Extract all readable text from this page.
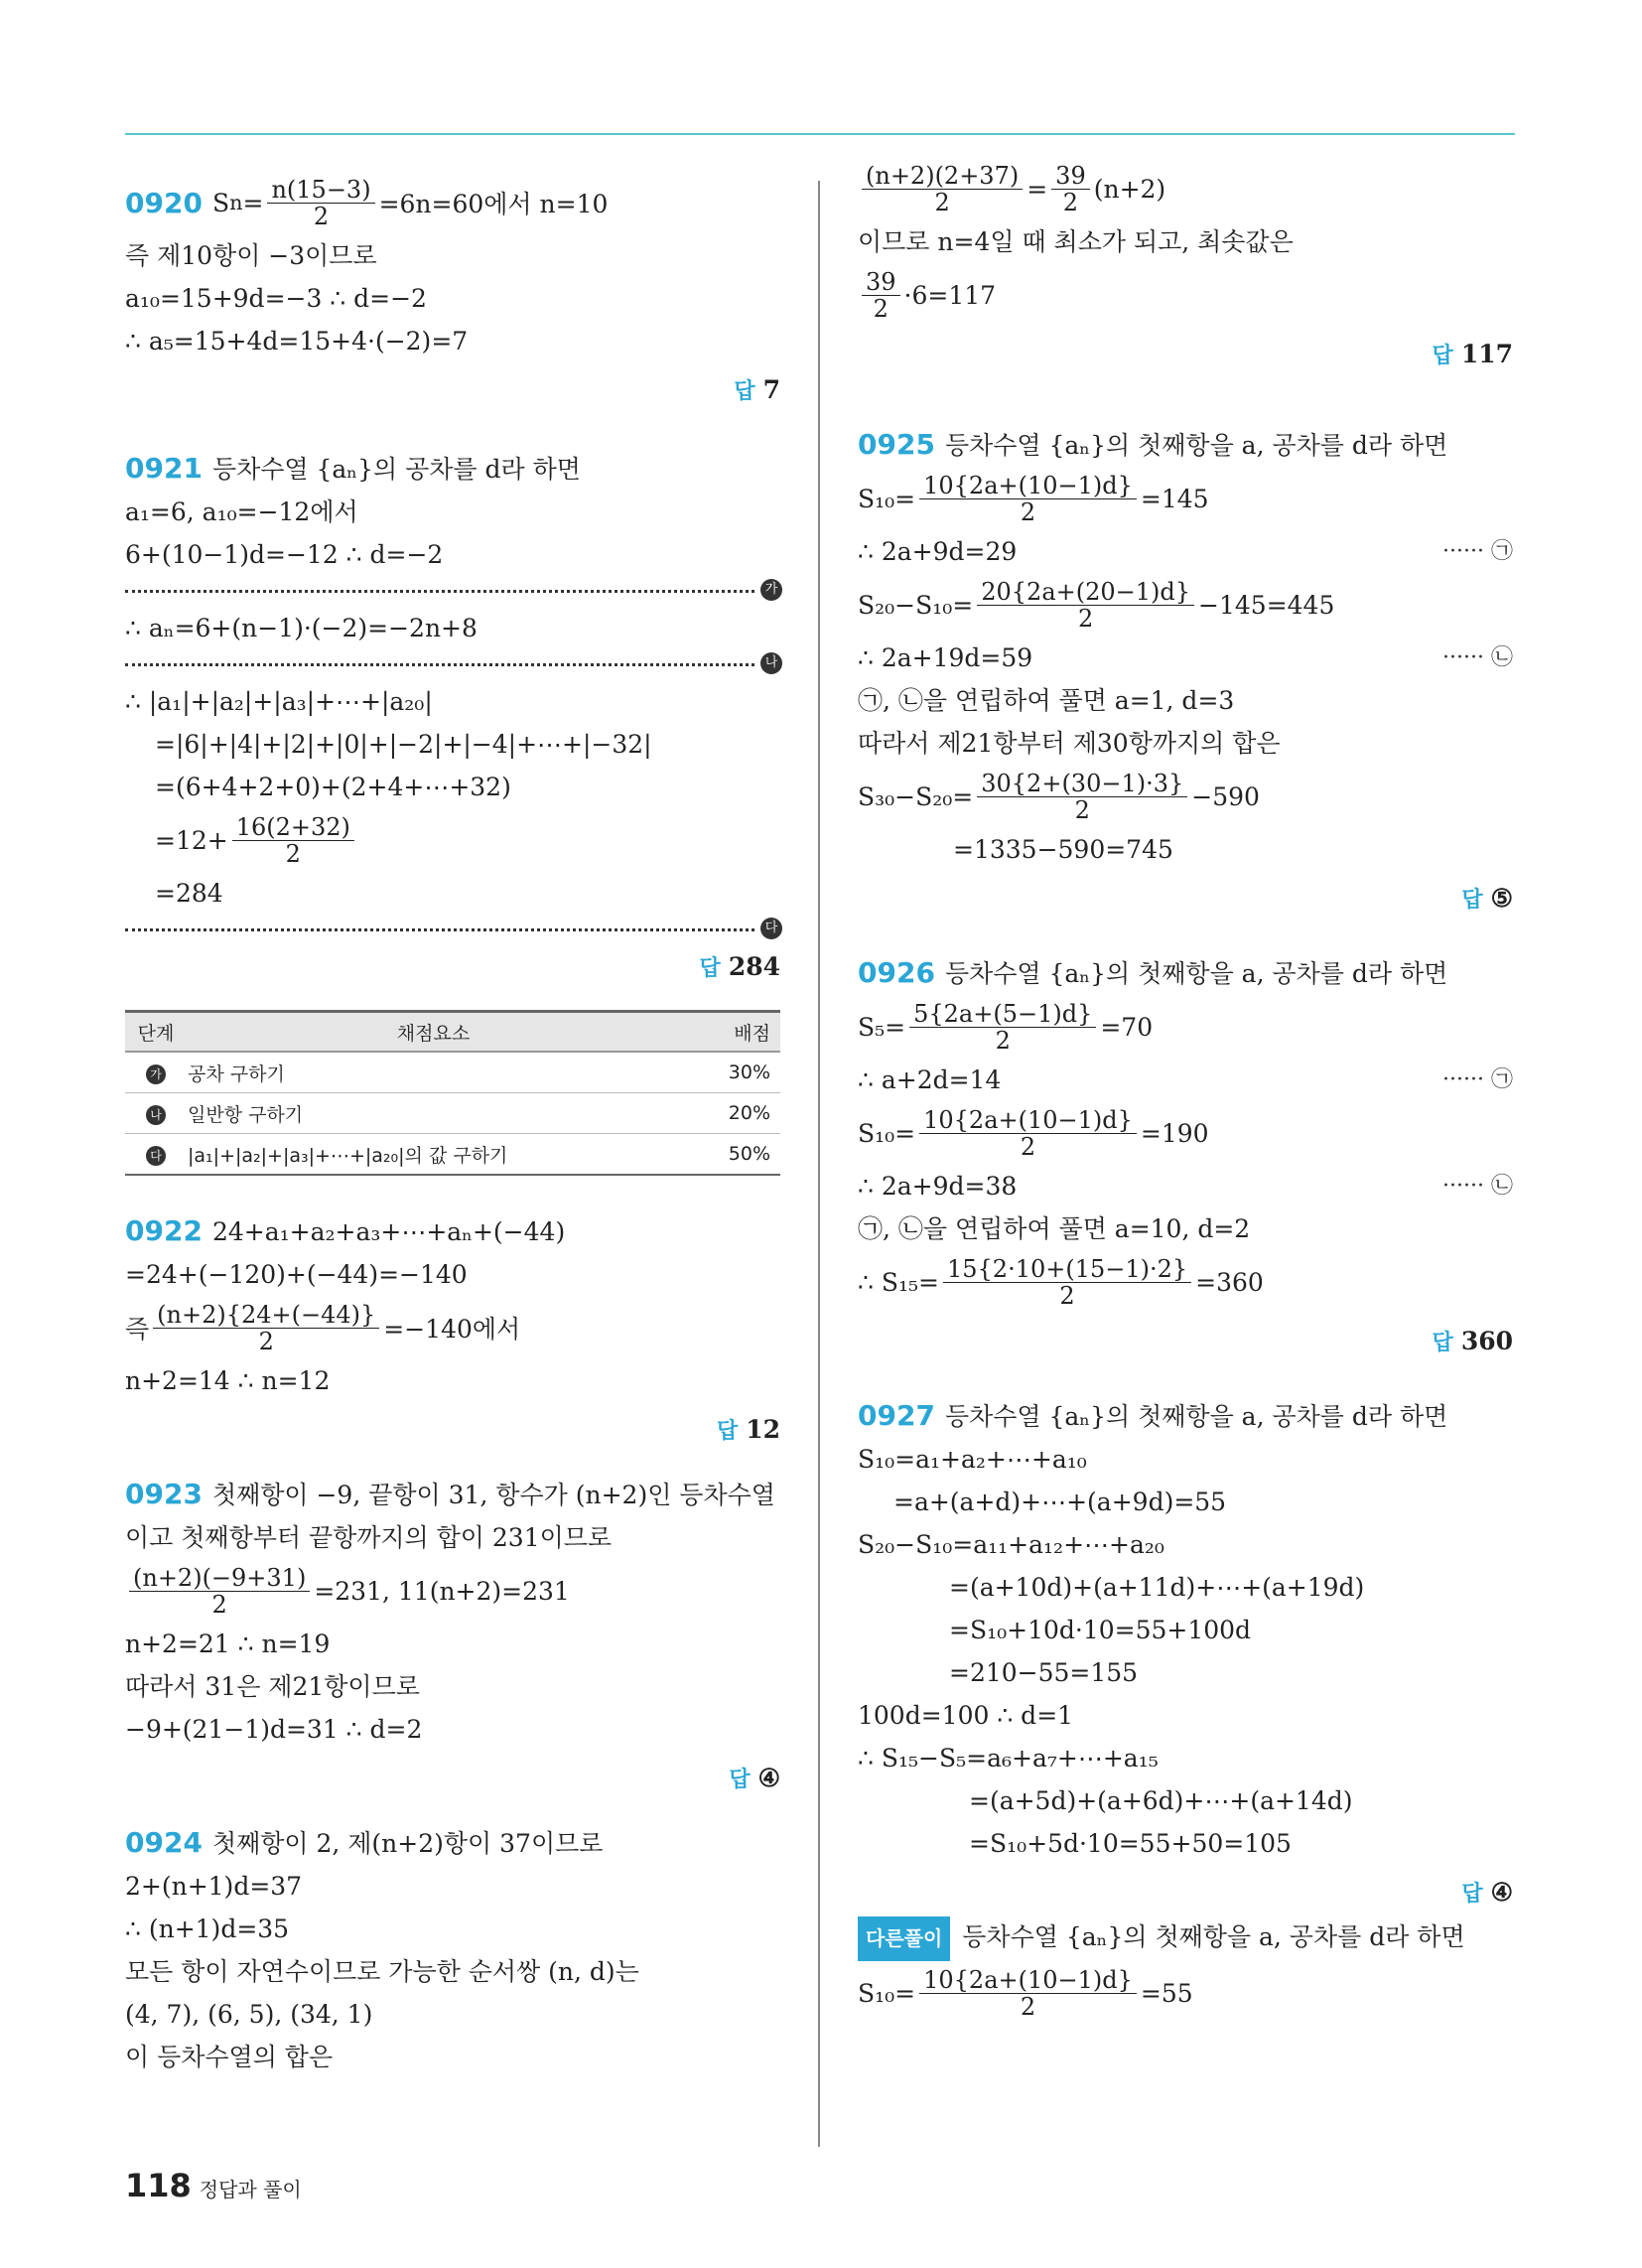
0920 S $n = \frac{n(15-3)}{2} =6n=60$에서 n=10
즉 제10항이 −3이므로
a₁₀=15+9d=−3 ∴ d=−2
∴ a₅=15+4d=15+4·(−2)=7
답 7
0921 등차수열 {aₙ}의 공차를 d라 하면
a₁=6, a₁₀=−12에서
6+(10−1)d=−12 ∴ d=−2
가
∴ aₙ=6+(n−1)·(−2)=−2n+8
나
∴ |a₁|+|a₂|+|a₃|+⋯+|a₂₀|
=|6|+|4|+|2|+|0|+|−2|+|−4|+⋯+|−32|
=(6+4+2+0)+(2+4+⋯+32)
$=12+ \frac{16(2+32)}{2}$
=284
다
답 284
단계	채점요소	배점
가	공차 구하기	30%
나	일반항 구하기	20%
다	|a₁|+|a₂|+|a₃|+⋯+|a₂₀|의 값 구하기	50%
0922 24+a₁+a₂+a₃+⋯+aₙ+(−44)
=24+(−120)+(−44)=−140
즉 $\frac{(n+2)\{24+(-44)\}}{2} =-140$에서
n+2=14 ∴ n=12
답 12
0923 첫째항이 −9, 끝항이 31, 항수가 (n+2)인 등차수열
이고 첫째항부터 끝항까지의 합이 231이므로
$\frac{(n+2)(-9+31)}{2} =231$, 11(n+2)=231
n+2=21 ∴ n=19
따라서 31은 제21항이므로
−9+(21−1)d=31 ∴ d=2
답 ④
0924 첫째항이 2, 제(n+2)항이 37이므로
2+(n+1)d=37
∴ (n+1)d=35
모든 항이 자연수이므로 가능한 순서쌍 (n, d)는
(4, 7), (6, 5), (34, 1)
이 등차수열의 합은
$\frac{(n+2)(2+37)}{2} = \frac{39}{2} (n+2)$
이므로 n=4일 때 최소가 되고, 최솟값은
$\frac{39}{2} \cdot 6=117$
답 117
0925 등차수열 {aₙ}의 첫째항을 a, 공차를 d라 하면
$S_{10}= \frac{10\{2a+(10-1)d\}}{2} =145$
∴ 2a+9d=29	······ ㉠
$S_{20}-S_{10}= \frac{20\{2a+(20-1)d\}}{2} -145=445$
∴ 2a+19d=59	······ ㉡
㉠, ㉡을 연립하여 풀면 a=1, d=3
따라서 제21항부터 제30항까지의 합은
$S_{30}-S_{20}= \frac{30\{2+(30-1)\cdot 3\}}{2} -590$
=1335−590=745
답 ⑤
0926 등차수열 {aₙ}의 첫째항을 a, 공차를 d라 하면
$S_5= \frac{5\{2a+(5-1)d\}}{2} =70$
∴ a+2d=14	······ ㉠
$S_{10}= \frac{10\{2a+(10-1)d\}}{2} =190$
∴ 2a+9d=38	······ ㉡
㉠, ㉡을 연립하여 풀면 a=10, d=2
∴ $S_{15}= \frac{15\{2\cdot 10+(15-1)\cdot 2\}}{2} =360$
답 360
0927 등차수열 {aₙ}의 첫째항을 a, 공차를 d라 하면
S₁₀=a₁+a₂+⋯+a₁₀
=a+(a+d)+⋯+(a+9d)=55
S₂₀−S₁₀=a₁₁+a₁₂+⋯+a₂₀
=(a+10d)+(a+11d)+⋯+(a+19d)
=S₁₀+10d·10=55+100d
=210−55=155
100d=100 ∴ d=1
∴ S₁₅−S₅=a₆+a₇+⋯+a₁₅
=(a+5d)+(a+6d)+⋯+(a+14d)
=S₁₀+5d·10=55+50=105
답 ④
다른풀이 등차수열 {aₙ}의 첫째항을 a, 공차를 d라 하면
$S_{10}= \frac{10\{2a+(10-1)d\}}{2} =55$
118 정답과 풀이
